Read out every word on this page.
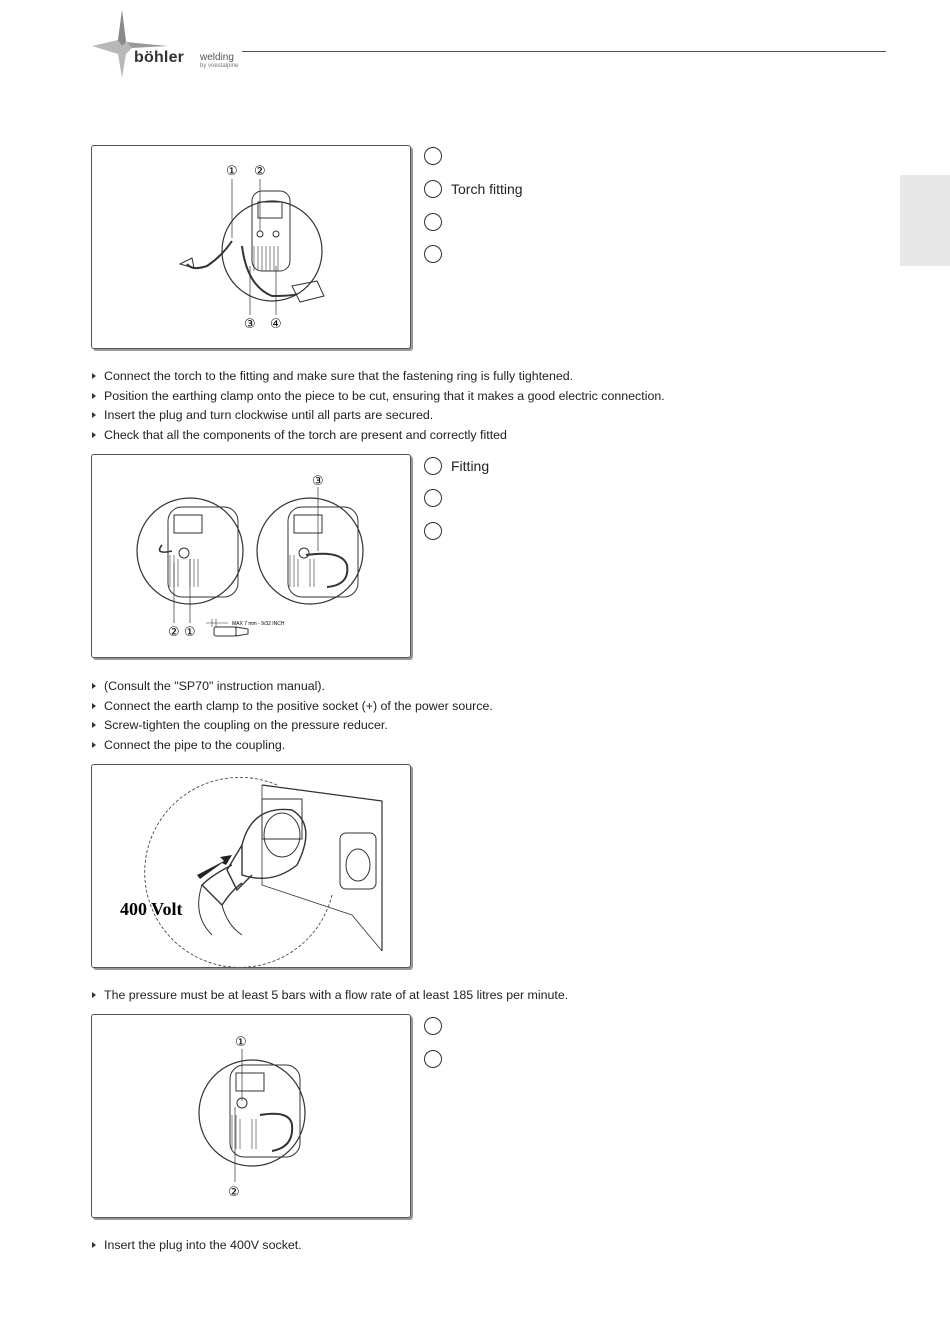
böhler welding
by voestalpine
① ②
③ ④
Torch fitting
Connect the torch to the fitting and make sure that the fastening ring is fully tightened.
Position the earthing clamp onto the piece to be cut, ensuring that it makes a good electric connection.
Insert the plug and turn clockwise until all parts are secured.
Check that all the components of the torch are present and correctly fitted
③
② ①	MAX 7 mm - 9/32 INCH
Fitting
(Consult the "SP70" instruction manual).
Connect the earth clamp to the positive socket (+) of the power source.
Screw-tighten the coupling on the pressure reducer.
Connect the pipe to the coupling.
400 Volt
The pressure must be at least 5 bars with a flow rate of at least 185 litres per minute.
①
②
Insert the plug into the 400V socket.
